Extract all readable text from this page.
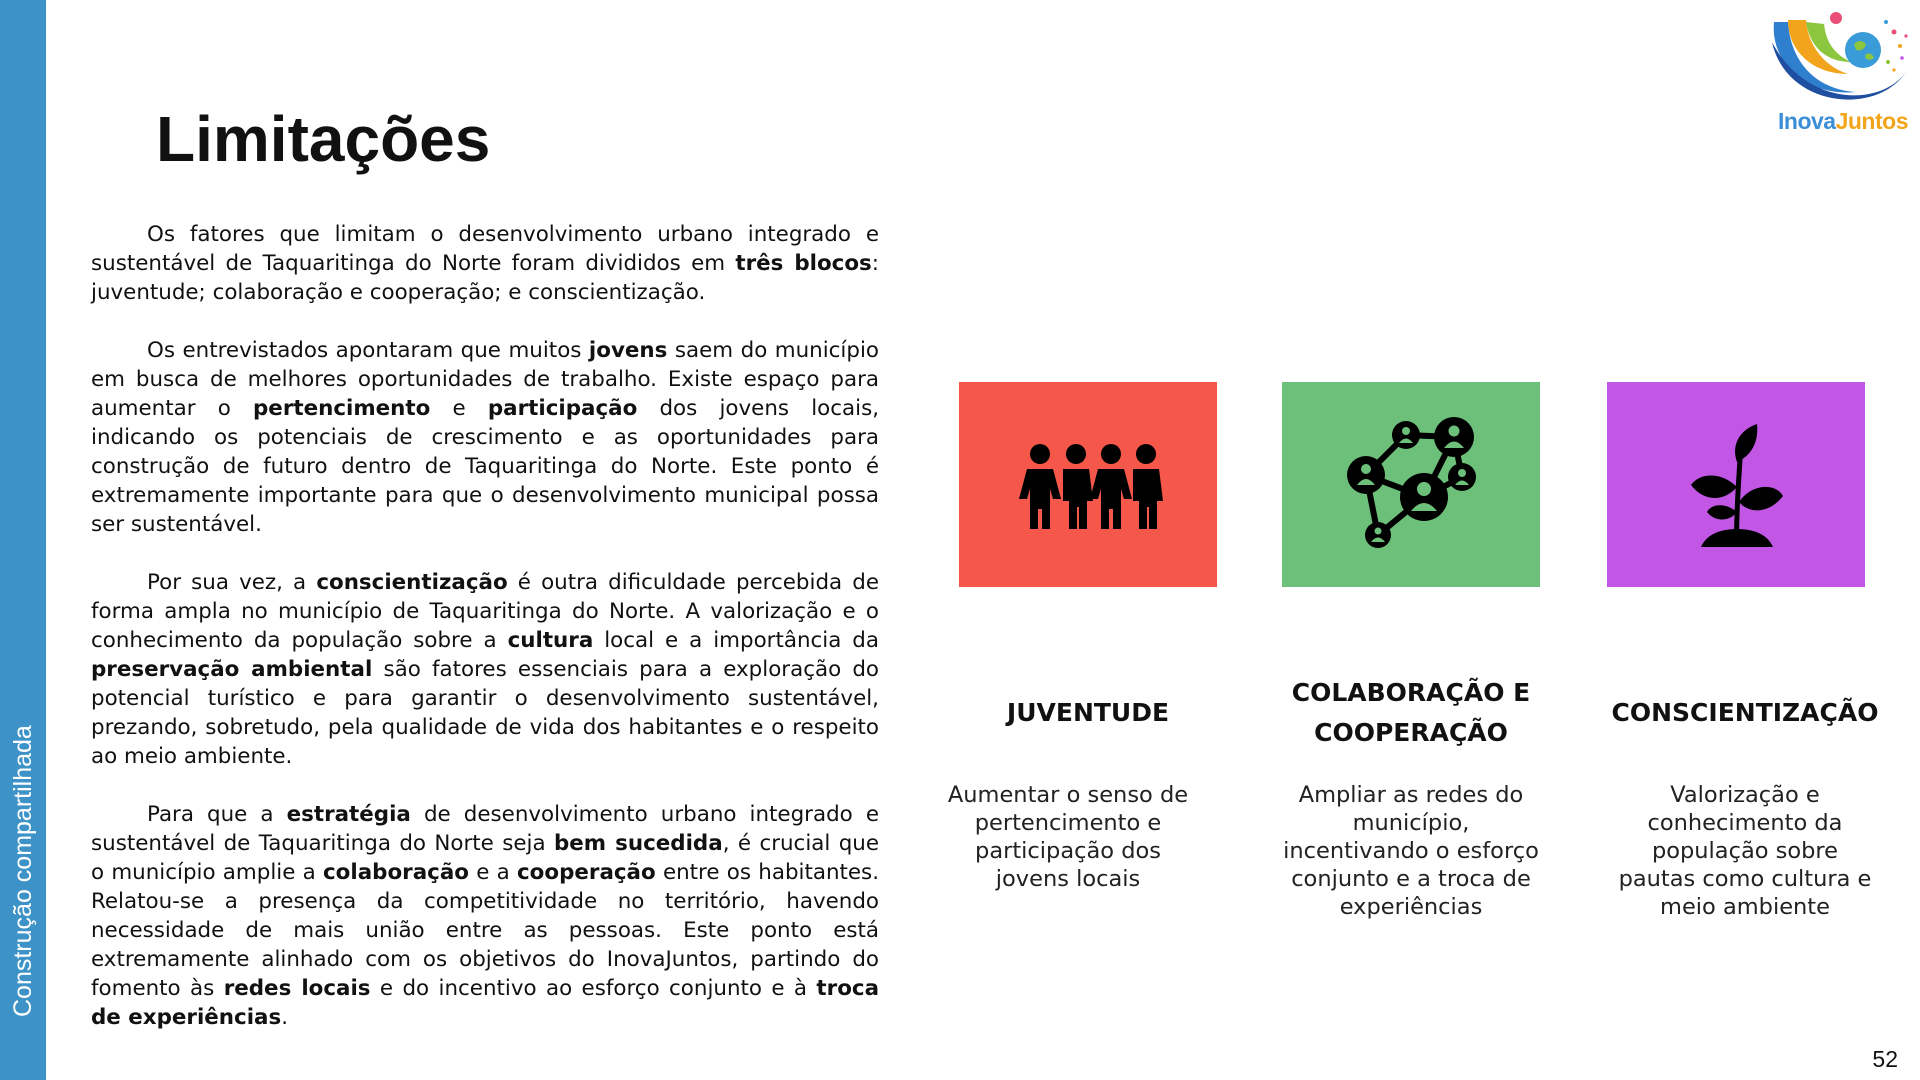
Construção compartilhada
Limitações

Os fatores que limitam o desenvolvimento urbano integrado e sustentável de Taquaritinga do Norte foram divididos em três blocos: juventude; colaboração e cooperação; e conscientização.

Os entrevistados apontaram que muitos jovens saem do município em busca de melhores oportunidades de trabalho. Existe espaço para aumentar o pertencimento e participação dos jovens locais, indicando os potenciais de crescimento e as oportunidades para construção de futuro dentro de Taquaritinga do Norte. Este ponto é extremamente importante para que o desenvolvimento municipal possa ser sustentável.

Por sua vez, a conscientização é outra dificuldade percebida de forma ampla no município de Taquaritinga do Norte. A valorização e o conhecimento da população sobre a cultura local e a importância da preservação ambiental são fatores essenciais para a exploração do potencial turístico e para garantir o desenvolvimento sustentável, prezando, sobretudo, pela qualidade de vida dos habitantes e o respeito ao meio ambiente.

Para que a estratégia de desenvolvimento urbano integrado e sustentável de Taquaritinga do Norte seja bem sucedida, é crucial que o município amplie a colaboração e a cooperação entre os habitantes. Relatou-se a presença da competitividade no território, havendo necessidade de mais união entre as pessoas. Este ponto está extremamente alinhado com os objetivos do InovaJuntos, partindo do fomento às redes locais e do incentivo ao esforço conjunto e à troca de experiências.

InovaJuntos
JUVENTUDE
COLABORAÇÃO E
COOPERAÇÃO
CONSCIENTIZAÇÃO
Aumentar o senso de
pertencimento e
participação dos
jovens locais
Ampliar as redes do
município,
incentivando o esforço
conjunto e a troca de
experiências
Valorização e
conhecimento da
população sobre
pautas como cultura e
meio ambiente
52
